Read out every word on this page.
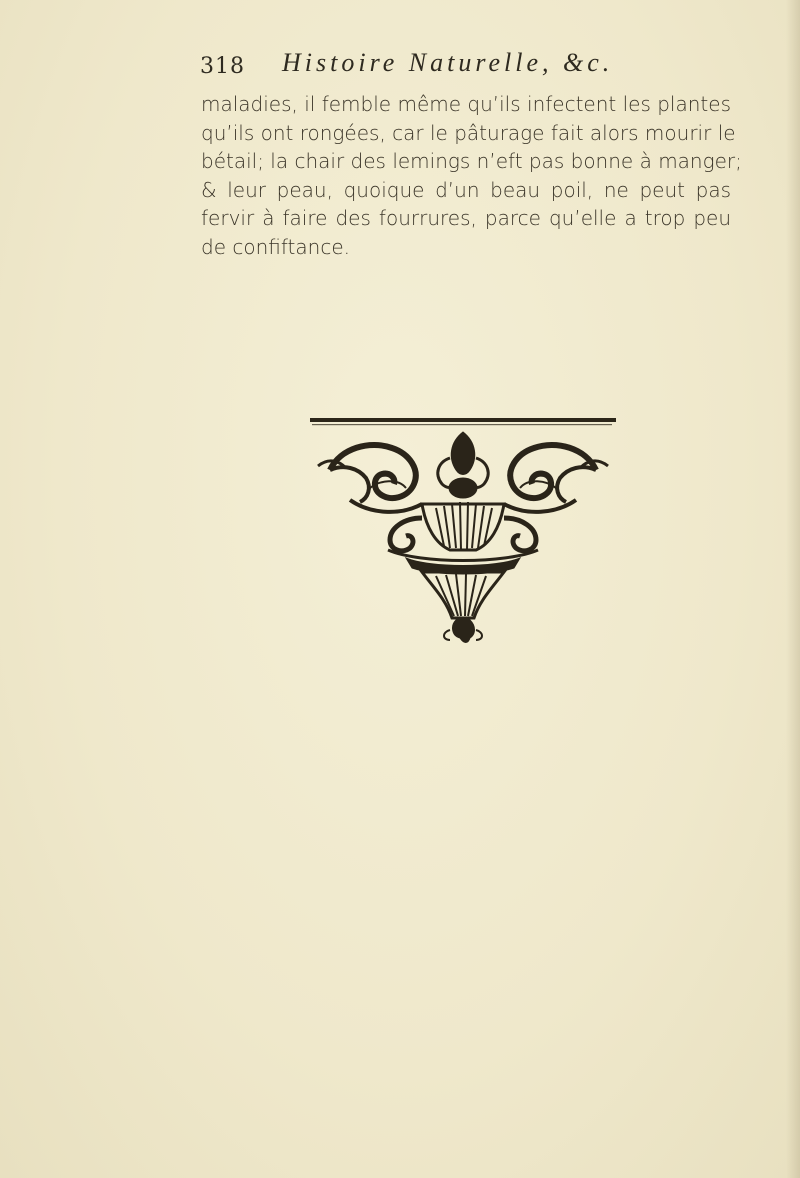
318 Histoire Naturelle, &c.
maladies, il femble même qu’ils infectent les plantes
qu’ils ont rongées, car le pâturage fait alors mourir le
bétail; la chair des lemings n’eft pas bonne à manger;
& leur peau, quoique d’un beau poil, ne peut pas
fervir à faire des fourrures, parce qu’elle a trop peu
de confiftance.
